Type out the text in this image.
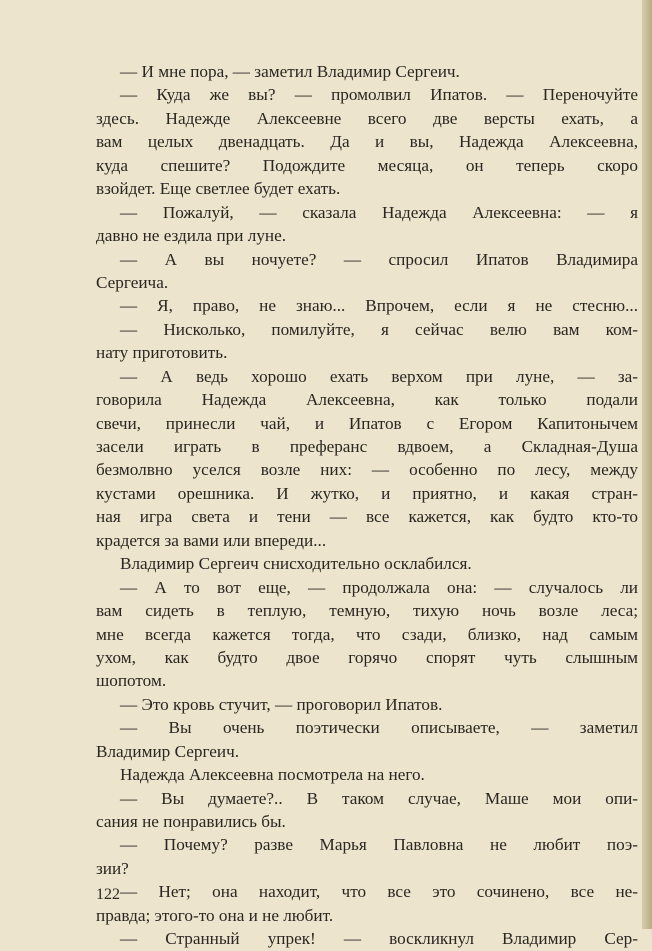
— И мне пора, — заметил Владимир Сергеич.
— Куда же вы? — промолвил Ипатов. — Переночуйте
здесь. Надежде Алексеевне всего две версты ехать, а
вам целых двенадцать. Да и вы, Надежда Алексеевна,
куда спешите? Подождите месяца, он теперь скоро
взойдет. Еще светлее будет ехать.
— Пожалуй, — сказала Надежда Алексеевна: — я
давно не ездила при луне.
— А вы ночуете? — спросил Ипатов Владимира
Сергеича.
— Я, право, не знаю... Впрочем, если я не стесню...
— Нисколько, помилуйте, я сейчас велю вам ком-
нату приготовить.
— А ведь хорошо ехать верхом при луне, — за-
говорила Надежда Алексеевна, как только подали
свечи, принесли чай, и Ипатов с Егором Капитонычем
засели играть в преферанс вдвоем, а Складная-Душа
безмолвно уселся возле них: — особенно по лесу, между
кустами орешника. И жутко, и приятно, и какая стран-
ная игра света и тени — все кажется, как будто кто-то
крадется за вами или впереди...
Владимир Сергеич снисходительно осклабился.
— А то вот еще, — продолжала она: — случалось ли
вам сидеть в теплую, темную, тихую ночь возле леса;
мне всегда кажется тогда, что сзади, близко, над самым
ухом, как будто двое горячо спорят чуть слышным
шопотом.
— Это кровь стучит, — проговорил Ипатов.
— Вы очень поэтически описываете, — заметил
Владимир Сергеич.
Надежда Алексеевна посмотрела на него.
— Вы думаете?.. В таком случае, Маше мои опи-
сания не понравились бы.
— Почему? разве Марья Павловна не любит поэ-
зии?
— Нет; она находит, что все это сочинено, все не-
правда; этого-то она и не любит.
— Странный упрек! — воскликнул Владимир Сер-
122
